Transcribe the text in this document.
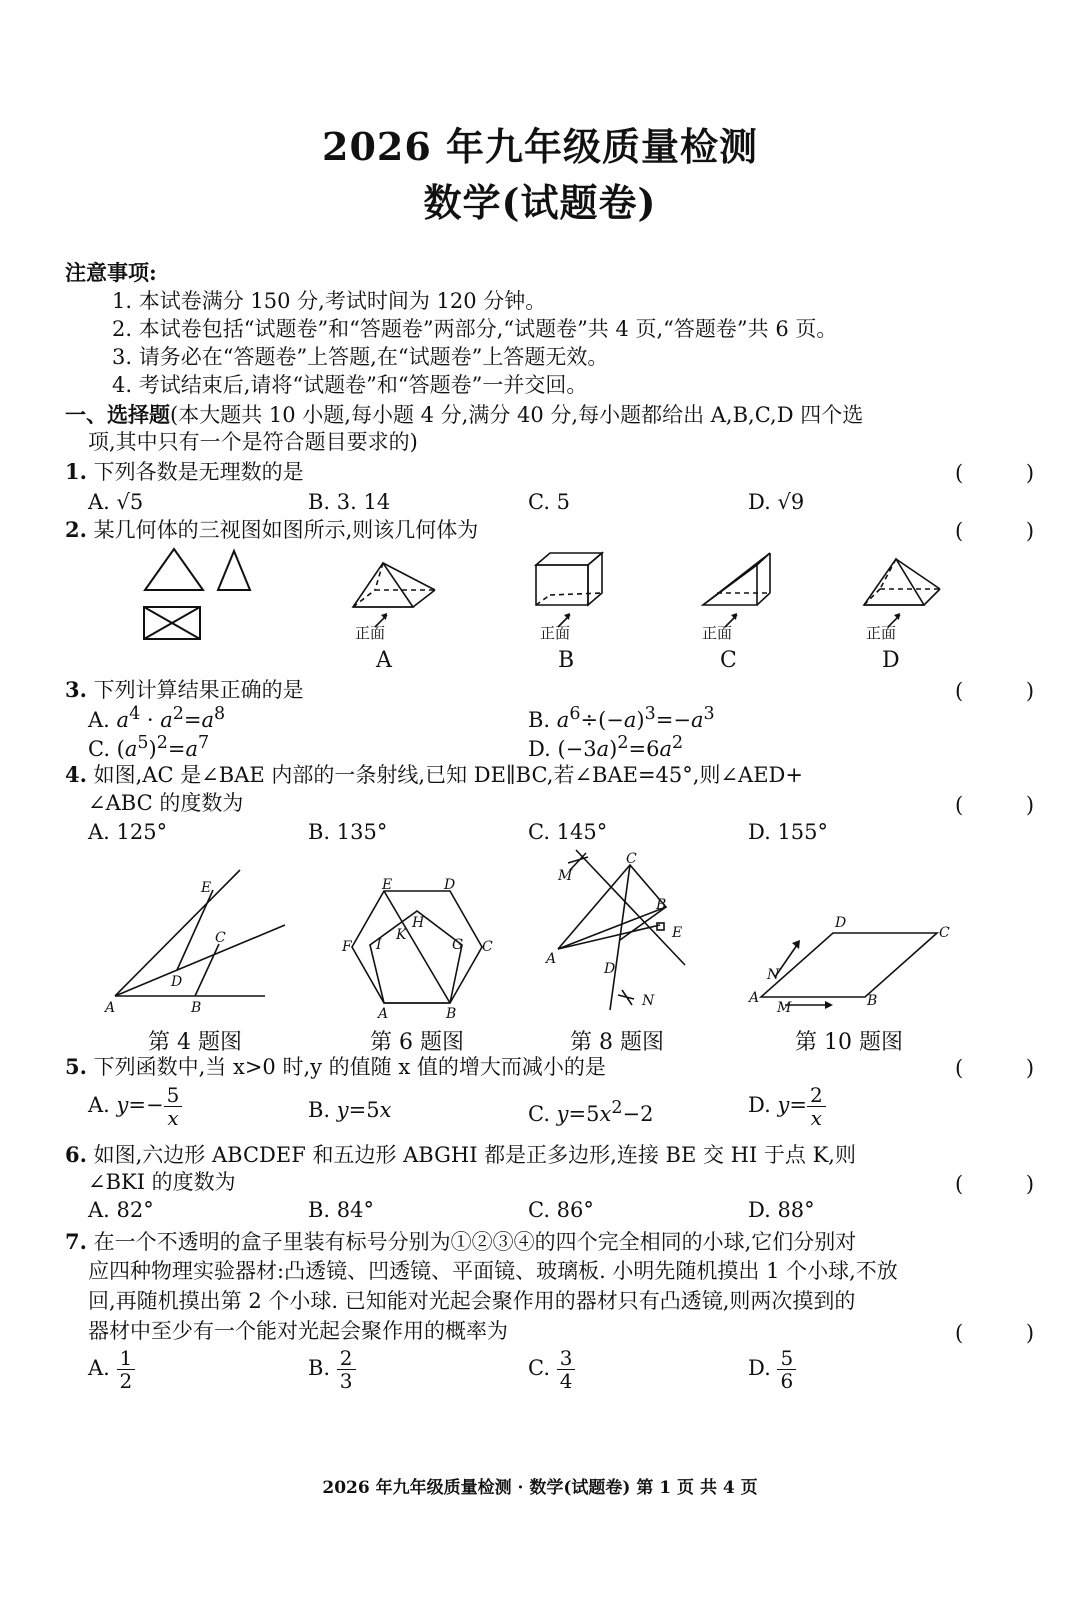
2026 年九年级质量检测
数学(试题卷)
注意事项:
1. 本试卷满分 150 分,考试时间为 120 分钟。
2. 本试卷包括“试题卷”和“答题卷”两部分,“试题卷”共 4 页,“答题卷”共 6 页。
3. 请务必在“答题卷”上答题,在“试题卷”上答题无效。
4. 考试结束后,请将“试题卷”和“答题卷”一并交回。
一、选择题(本大题共 10 小题,每小题 4 分,满分 40 分,每小题都给出 A,B,C,D 四个选
项,其中只有一个是符合题目要求的)
1. 下列各数是无理数的是	( )
A. √5	B. 3. 14	C. 5	D. √9
2. 某几何体的三视图如图所示,则该几何体为	( )
正面
A
正面
B
正面
C
正面
D
3. 下列计算结果正确的是	( )
A. $a^4 \cdot a^2=a^8$	B. $a^6\div(-a)^3=-a^3$
C. $(a^5)^2=a^7$	D. $(-3a)^2=6a^2$
4. 如图,AC 是∠BAE 内部的一条射线,已知 DE∥BC,若∠BAE=45°,则∠AED+
∠ABC 的度数为	( )
A. 125°	B. 135°	C. 145°	D. 155°
E
C
D
A	B
E	D
F	C
A	B
H
K
I	G
C
M
B
E
A
D
N
D
C
N
A
M	B
第 4 题图	第 6 题图	第 8 题图	第 10 题图
5. 下列函数中,当 x>0 时,y 的值随 x 值的增大而减小的是	( )
A. $y=- \frac{5}{x}$	B. y=5x	C. $y=5x^2-2$	D. $y= \frac{2}{x}$
6. 如图,六边形 ABCDEF 和五边形 ABGHI 都是正多边形,连接 BE 交 HI 于点 K,则
∠BKI 的度数为	( )
A. 82°	B. 84°	C. 86°	D. 88°
7. 在一个不透明的盒子里装有标号分别为①②③④的四个完全相同的小球,它们分别对
应四种物理实验器材:凸透镜、凹透镜、平面镜、玻璃板. 小明先随机摸出 1 个小球,不放
回,再随机摸出第 2 个小球. 已知能对光起会聚作用的器材只有凸透镜,则两次摸到的
器材中至少有一个能对光起会聚作用的概率为	( )
A. $\frac{1}{2}$	B. $\frac{2}{3}$	C. $\frac{3}{4}$	D. $\frac{5}{6}$
2026 年九年级质量检测 · 数学(试题卷) 第 1 页 共 4 页
